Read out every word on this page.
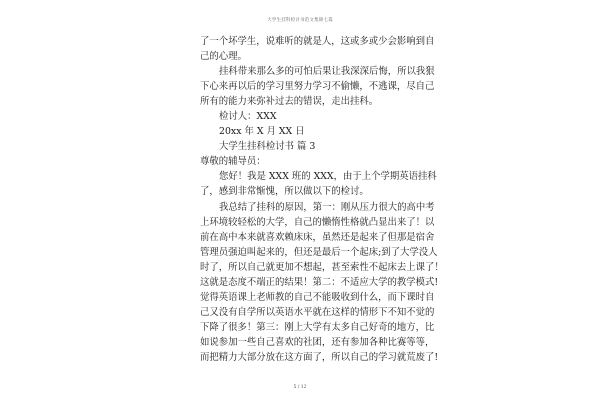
大学生挂科检讨书范文集锦七篇
了一个坏学生，说难听的就是人，这或多或少会影响到自
己的心理。
挂科带来那么多的可怕后果让我深深后悔，所以我狠
下心来再以后的学习里努力学习不偷懒，不逃课，尽自己
所有的能力来弥补过去的错误，走出挂科。
检讨人：XXX
20xx 年 X 月 XX 日
大学生挂科检讨书 篇 3
尊敬的辅导员：
您好！我是 XXX 班的 XXX，由于上个学期英语挂科
了，感到非常惭愧，所以做以下的检讨。
我总结了挂科的原因，第一：刚从压力很大的高中考
上环境较轻松的大学，自己的懒惰性格就凸显出来了！以
前在高中本来就喜欢赖床床，虽然还是起来了但那是宿舍
管理员强迫叫起来的，但还是最后一个起床;到了大学没人
时了，所以自己就更加不想起，甚至索性不起床去上课了！
这就是态度不端正的结果！第二：不适应大学的教学模式!
觉得英语课上老师教的自己不能吸收到什么，而下课时自
己又没有自学所以英语水平就在这样的情形下不知不觉的
下降了很多！第三：刚上大学有太多自己好奇的地方，比
如说参加一些自己喜欢的社团，还有参加各种比赛等等，
而把精力大部分放在这方面了，所以自己的学习就荒废了!
5 / 12
